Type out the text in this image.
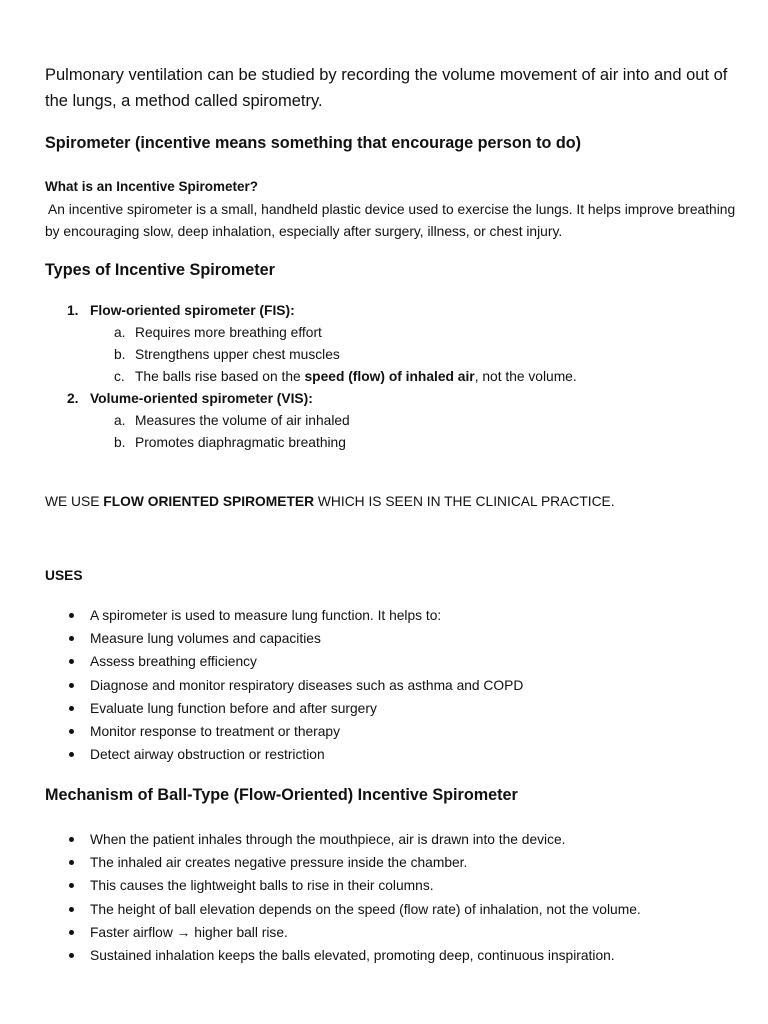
Pulmonary ventilation can be studied by recording the volume movement of air into and out of the lungs, a method called spirometry.

Spirometer (incentive means something that encourage person to do)
What is an Incentive Spirometer?
An incentive spirometer is a small, handheld plastic device used to exercise the lungs. It helps improve breathing by encouraging slow, deep inhalation, especially after surgery, illness, or chest injury.
Types of Incentive Spirometer
1. Flow-oriented spirometer (FIS):
a. Requires more breathing effort
b. Strengthens upper chest muscles
c. The balls rise based on the speed (flow) of inhaled air, not the volume.
2. Volume-oriented spirometer (VIS):
a. Measures the volume of air inhaled
b. Promotes diaphragmatic breathing
WE USE FLOW ORIENTED SPIROMETER WHICH IS SEEN IN THE CLINICAL PRACTICE.
USES
A spirometer is used to measure lung function. It helps to:
Measure lung volumes and capacities
Assess breathing efficiency
Diagnose and monitor respiratory diseases such as asthma and COPD
Evaluate lung function before and after surgery
Monitor response to treatment or therapy
Detect airway obstruction or restriction
Mechanism of Ball-Type (Flow-Oriented) Incentive Spirometer
When the patient inhales through the mouthpiece, air is drawn into the device.
The inhaled air creates negative pressure inside the chamber.
This causes the lightweight balls to rise in their columns.
The height of ball elevation depends on the speed (flow rate) of inhalation, not the volume.
Faster airflow → higher ball rise.
Sustained inhalation keeps the balls elevated, promoting deep, continuous inspiration.
